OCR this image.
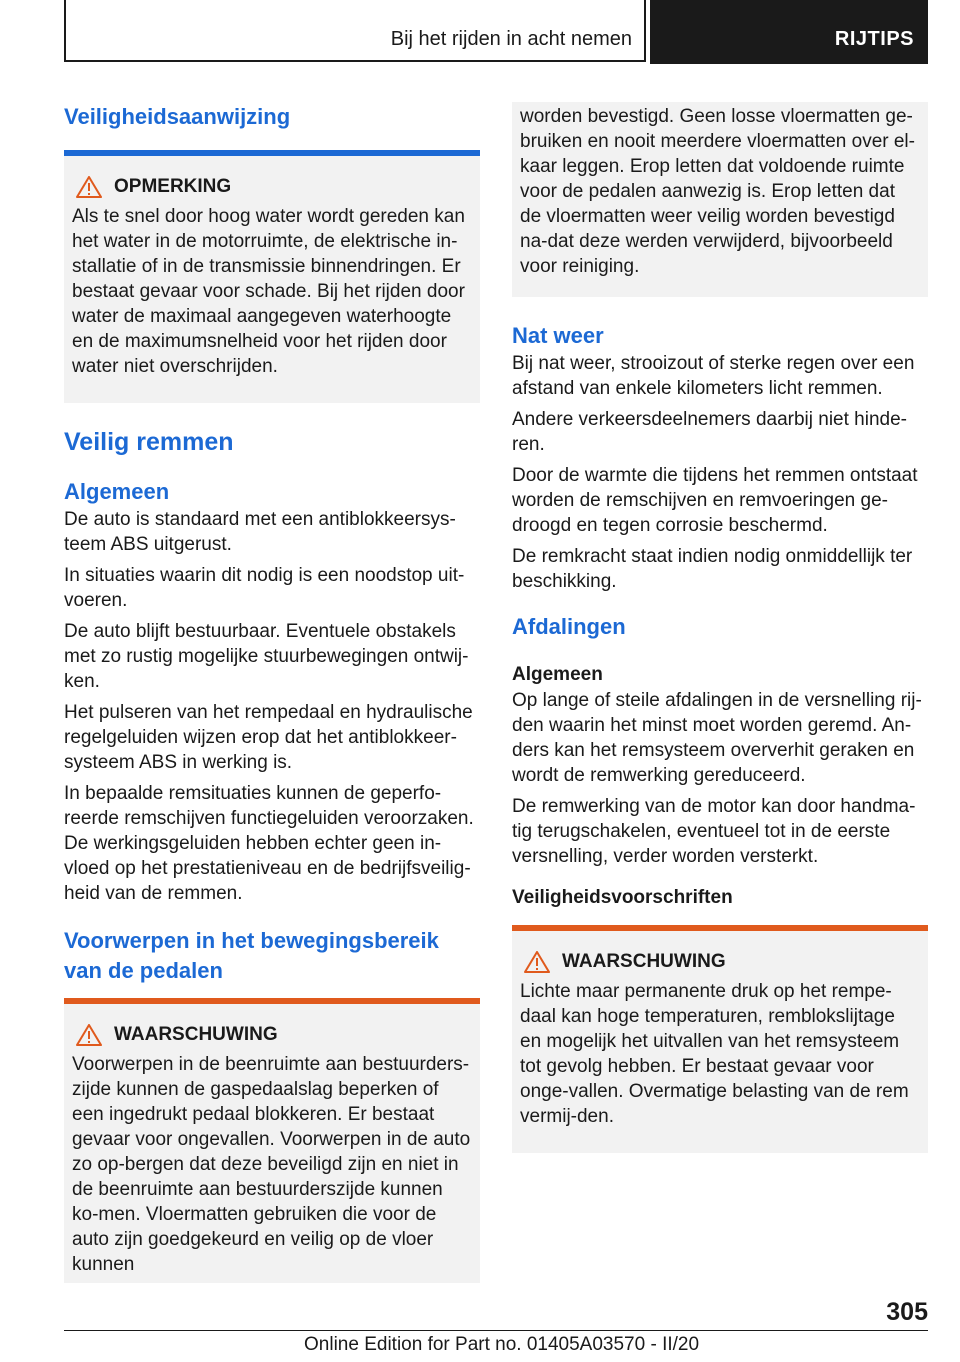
Bij het rijden in acht nemen	RIJTIPS
Veiligheidsaanwijzing
OPMERKING

Als te snel door hoog water wordt gereden kan het water in de motorruimte, de elektrische in-stallatie of in de transmissie binnendringen. Er bestaat gevaar voor schade. Bij het rijden door water de maximaal aangegeven waterhoogte en de maximumsnelheid voor het rijden door water niet overschrijden.

Veilig remmen
Algemeen

De auto is standaard met een antiblokkeersys-teem ABS uitgerust.

In situaties waarin dit nodig is een noodstop uit-voeren.

De auto blijft bestuurbaar. Eventuele obstakels met zo rustig mogelijke stuurbewegingen ontwij-ken.

Het pulseren van het rempedaal en hydraulische regelgeluiden wijzen erop dat het antiblokkeer-systeem ABS in werking is.

In bepaalde remsituaties kunnen de geperfo-reerde remschijven functiegeluiden veroorzaken. De werkingsgeluiden hebben echter geen in-vloed op het prestatieniveau en de bedrijfsveilig-heid van de remmen.

Voorwerpen in het bewegingsbereik van de pedalen
WAARSCHUWING

Voorwerpen in de beenruimte aan bestuurders-zijde kunnen de gaspedaalslag beperken of een ingedrukt pedaal blokkeren. Er bestaat gevaar voor ongevallen. Voorwerpen in de auto zo op-bergen dat deze beveiligd zijn en niet in de beenruimte aan bestuurderszijde kunnen ko-men. Vloermatten gebruiken die voor de auto zijn goedgekeurd en veilig op de vloer kunnen

worden bevestigd. Geen losse vloermatten ge-bruiken en nooit meerdere vloermatten over el-kaar leggen. Erop letten dat voldoende ruimte voor de pedalen aanwezig is. Erop letten dat de vloermatten weer veilig worden bevestigd na-dat deze werden verwijderd, bijvoorbeeld voor reiniging.

Nat weer

Bij nat weer, strooizout of sterke regen over een afstand van enkele kilometers licht remmen.

Andere verkeersdeelnemers daarbij niet hinde-ren.

Door de warmte die tijdens het remmen ontstaat worden de remschijven en remvoeringen ge-droogd en tegen corrosie beschermd.

De remkracht staat indien nodig onmiddellijk ter beschikking.

Afdalingen
Algemeen

Op lange of steile afdalingen in de versnelling rij-den waarin het minst moet worden geremd. An-ders kan het remsysteem oververhit geraken en wordt de remwerking gereduceerd.

De remwerking van de motor kan door handma-tig terugschakelen, eventueel tot in de eerste versnelling, verder worden versterkt.

Veiligheidsvoorschriften
WAARSCHUWING

Lichte maar permanente druk op het rempe-daal kan hoge temperaturen, remblokslijtage en mogelijk het uitvallen van het remsysteem tot gevolg hebben. Er bestaat gevaar voor onge-vallen. Overmatige belasting van de rem vermij-den.

305
Online Edition for Part no. 01405A03570 - II/20
